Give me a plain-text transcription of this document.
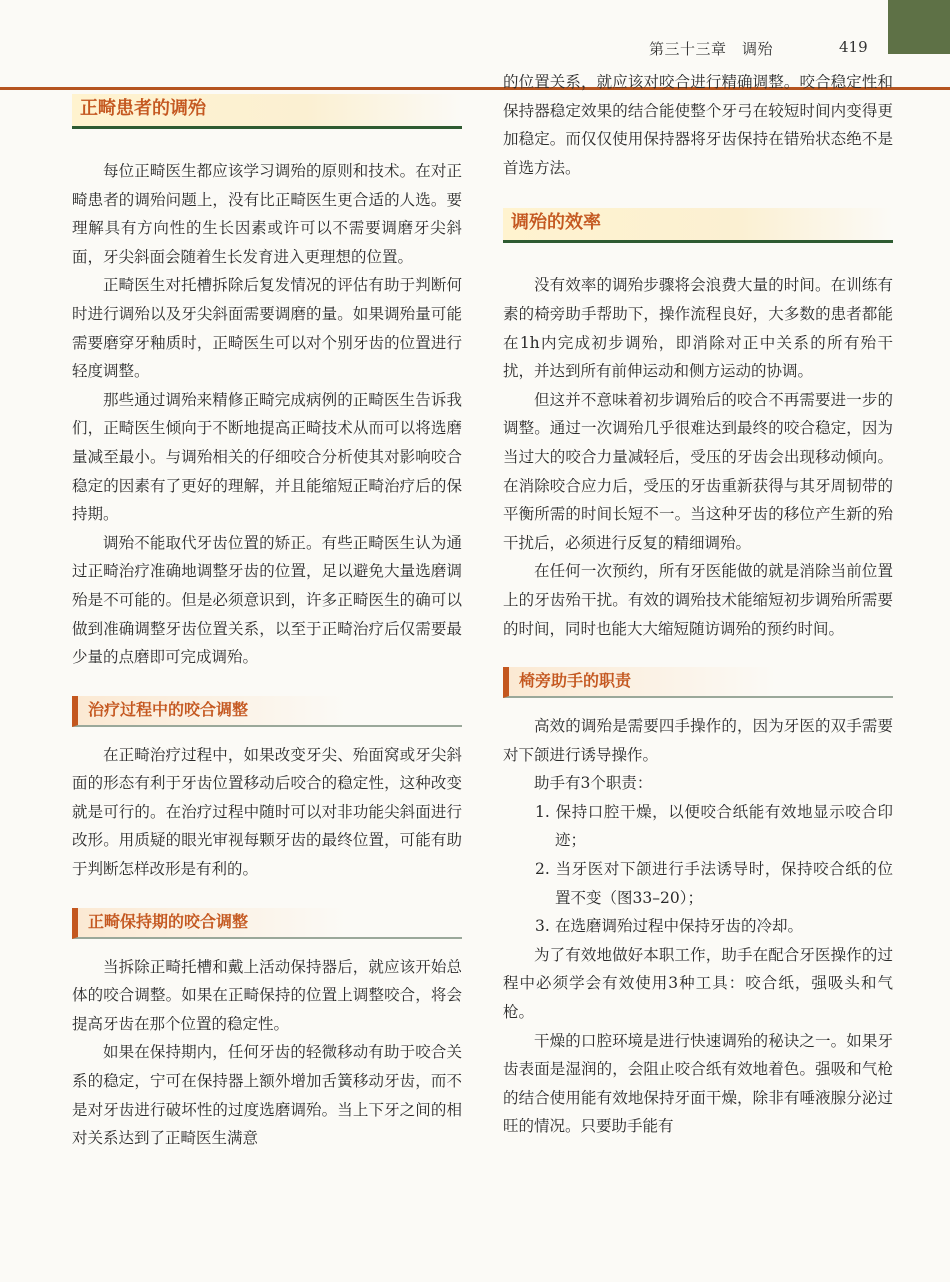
第三十三章　调殆	419
正畸患者的调殆

每位正畸医生都应该学习调殆的原则和技术。在对正畸患者的调殆问题上，没有比正畸医生更合适的人选。要理解具有方向性的生长因素或许可以不需要调磨牙尖斜面，牙尖斜面会随着生长发育进入更理想的位置。

正畸医生对托槽拆除后复发情况的评估有助于判断何时进行调殆以及牙尖斜面需要调磨的量。如果调殆量可能需要磨穿牙釉质时，正畸医生可以对个别牙齿的位置进行轻度调整。

那些通过调殆来精修正畸完成病例的正畸医生告诉我们，正畸医生倾向于不断地提高正畸技术从而可以将选磨量减至最小。与调殆相关的仔细咬合分析使其对影响咬合稳定的因素有了更好的理解，并且能缩短正畸治疗后的保持期。

调殆不能取代牙齿位置的矫正。有些正畸医生认为通过正畸治疗准确地调整牙齿的位置，足以避免大量选磨调殆是不可能的。但是必须意识到，许多正畸医生的确可以做到准确调整牙齿位置关系，以至于正畸治疗后仅需要最少量的点磨即可完成调殆。

治疗过程中的咬合调整

在正畸治疗过程中，如果改变牙尖、殆面窝或牙尖斜面的形态有利于牙齿位置移动后咬合的稳定性，这种改变就是可行的。在治疗过程中随时可以对非功能尖斜面进行改形。用质疑的眼光审视每颗牙齿的最终位置，可能有助于判断怎样改形是有利的。

正畸保持期的咬合调整

当拆除正畸托槽和戴上活动保持器后，就应该开始总体的咬合调整。如果在正畸保持的位置上调整咬合，将会提高牙齿在那个位置的稳定性。

如果在保持期内，任何牙齿的轻微移动有助于咬合关系的稳定，宁可在保持器上额外增加舌簧移动牙齿，而不是对牙齿进行破坏性的过度选磨调殆。当上下牙之间的相对关系达到了正畸医生满意

的位置关系，就应该对咬合进行精确调整。咬合稳定性和保持器稳定效果的结合能使整个牙弓在较短时间内变得更加稳定。而仅仅使用保持器将牙齿保持在错殆状态绝不是首选方法。

调殆的效率

没有效率的调殆步骤将会浪费大量的时间。在训练有素的椅旁助手帮助下，操作流程良好，大多数的患者都能在1h内完成初步调殆，即消除对正中关系的所有殆干扰，并达到所有前伸运动和侧方运动的协调。

但这并不意味着初步调殆后的咬合不再需要进一步的调整。通过一次调殆几乎很难达到最终的咬合稳定，因为当过大的咬合力量减轻后，受压的牙齿会出现移动倾向。在消除咬合应力后，受压的牙齿重新获得与其牙周韧带的平衡所需的时间长短不一。当这种牙齿的移位产生新的殆干扰后，必须进行反复的精细调殆。

在任何一次预约，所有牙医能做的就是消除当前位置上的牙齿殆干扰。有效的调殆技术能缩短初步调殆所需要的时间，同时也能大大缩短随访调殆的预约时间。

椅旁助手的职责

高效的调殆是需要四手操作的，因为牙医的双手需要对下颌进行诱导操作。

助手有3个职责：

1. 保持口腔干燥，以便咬合纸能有效地显示咬合印迹；
2. 当牙医对下颌进行手法诱导时，保持咬合纸的位置不变（图33–20）；
3. 在选磨调殆过程中保持牙齿的冷却。

为了有效地做好本职工作，助手在配合牙医操作的过程中必须学会有效使用3种工具：咬合纸，强吸头和气枪。

干燥的口腔环境是进行快速调殆的秘诀之一。如果牙齿表面是湿润的，会阻止咬合纸有效地着色。强吸和气枪的结合使用能有效地保持牙面干燥，除非有唾液腺分泌过旺的情况。只要助手能有
